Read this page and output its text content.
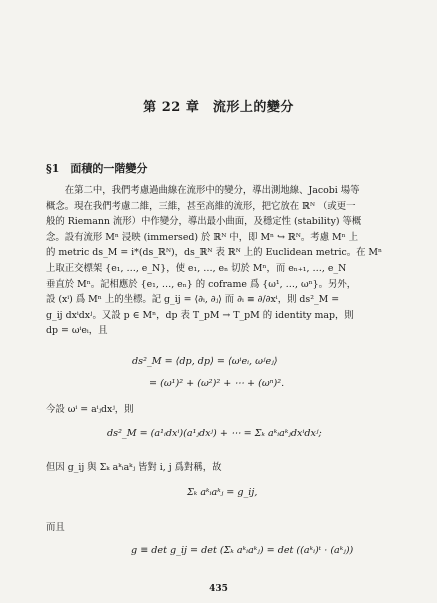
第 22 章　流形上的變分
§1　面積的一階變分
　　在第二中，我們考慮過曲線在流形中的變分，導出測地線、Jacobi 場等
概念。現在我們考慮二維，三維，甚至高維的流形，把它放在 ℝᴺ （或更一
般的 Riemann 流形）中作變分，導出最小曲面，及穩定性 (stability) 等概
念。設有流形 Mⁿ 浸映 (immersed) 於 ℝᴺ 中，即 Mⁿ ↪ ℝᴺ。考慮 Mⁿ 上
的 metric ds_M = i*(ds_ℝᴺ)，ds_ℝᴺ 表 ℝᴺ 上的 Euclidean metric。在 Mⁿ
上取正交標架 {e₁, …, e_N}，使 e₁, …, eₙ 切於 Mⁿ，而 eₙ₊₁, …, e_N
垂直於 Mⁿ。記相應於 {e₁, …, eₙ} 的 coframe 爲 {ω¹, …, ωⁿ}。另外，
設 (xⁱ) 爲 Mⁿ 上的坐標。記 g_ij = ⟨∂ᵢ, ∂ⱼ⟩ 而 ∂ᵢ ≡ ∂/∂xⁱ，則 ds²_M =
g_ij dxⁱdxʲ。又設 p ∈ Mⁿ，dp 表 T_pM → T_pM 的 identity map，則
dp = ωⁱeᵢ，且
ds²_M = ⟨dp, dp⟩ = ⟨ωⁱeᵢ, ωʲeⱼ⟩
= (ω¹)² + (ω²)² + ⋯ + (ωⁿ)².
今設 ωⁱ = aⁱⱼdxʲ，則
ds²_M = (a¹ᵢdxⁱ)(a¹ⱼdxʲ) + ⋯ = Σₖ aᵏᵢaᵏⱼdxⁱdxʲ;
但因 g_ij 與 Σₖ aᵏᵢaᵏⱼ 皆對 i, j 爲對稱，故
Σₖ aᵏᵢaᵏⱼ = g_ij,
而且
g ≡ det g_ij = det (Σₖ aᵏᵢaᵏⱼ) = det ((aᵏᵢ)ᵗ · (aᵏⱼ))
435
